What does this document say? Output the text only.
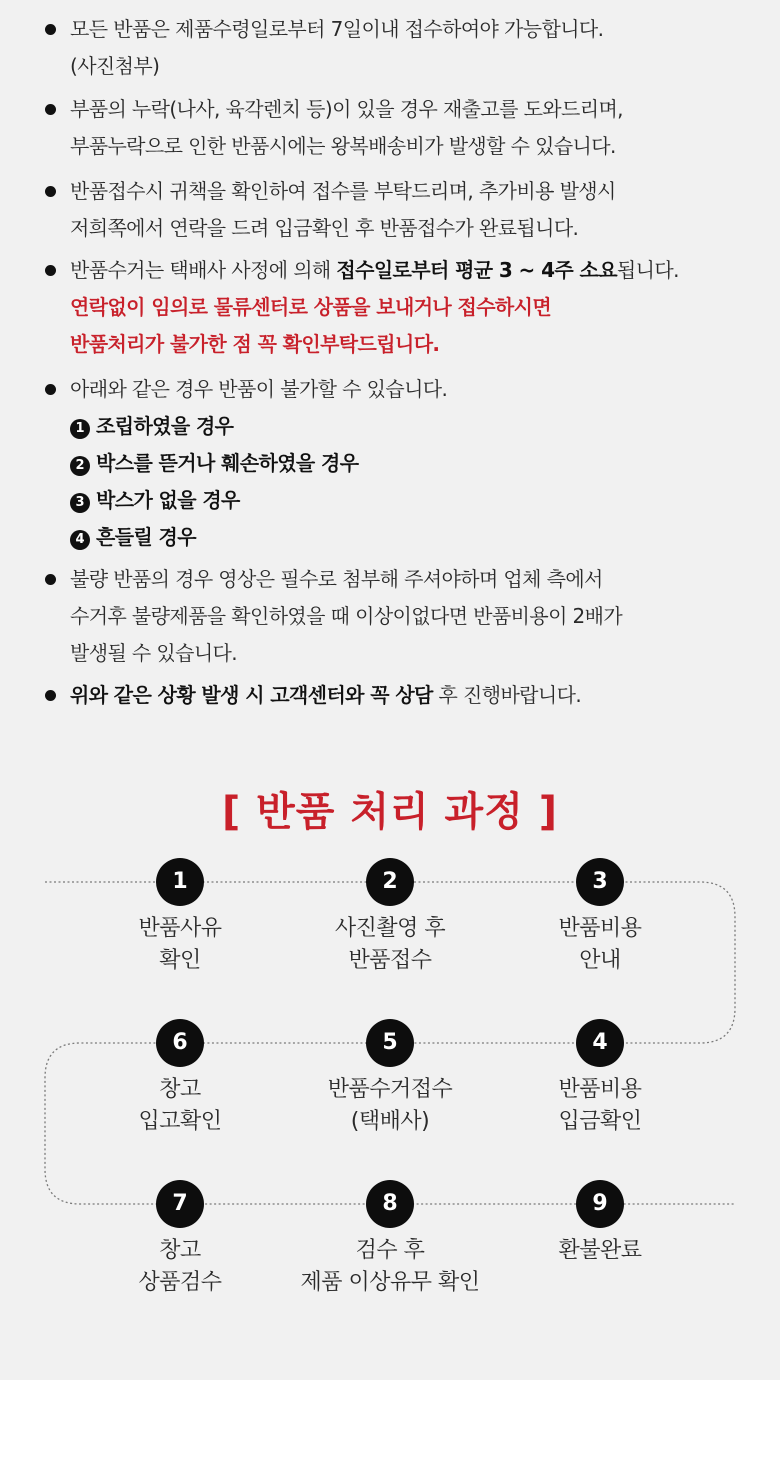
모든 반품은 제품수령일로부터 7일이내 접수하여야 가능합니다.
(사진첨부)
부품의 누락(나사, 육각렌치 등)이 있을 경우 재출고를 도와드리며,
부품누락으로 인한 반품시에는 왕복배송비가 발생할 수 있습니다.
반품접수시 귀책을 확인하여 접수를 부탁드리며, 추가비용 발생시
저희쪽에서 연락을 드려 입금확인 후 반품접수가 완료됩니다.
반품수거는 택배사 사정에 의해 접수일로부터 평균 3 ~ 4주 소요됩니다.
연락없이 임의로 물류센터로 상품을 보내거나 접수하시면
반품처리가 불가한 점 꼭 확인부탁드립니다.
아래와 같은 경우 반품이 불가할 수 있습니다.
1 조립하였을 경우
2 박스를 뜯거나 훼손하였을 경우
3 박스가 없을 경우
4 흔들릴 경우
불량 반품의 경우 영상은 필수로 첨부해 주셔야하며 업체 측에서
수거후 불량제품을 확인하였을 때 이상이없다면 반품비용이 2배가
발생될 수 있습니다.
위와 같은 상황 발생 시 고객센터와 꼭 상담 후 진행바랍니다.
[ 반품 처리 과정 ]
1
반품사유
확인
2
사진촬영 후
반품접수
3
반품비용
안내
4
반품비용
입금확인
5
반품수거접수
(택배사)
6
창고
입고확인
7
창고
상품검수
8
검수 후
제품 이상유무 확인
9
환불완료
